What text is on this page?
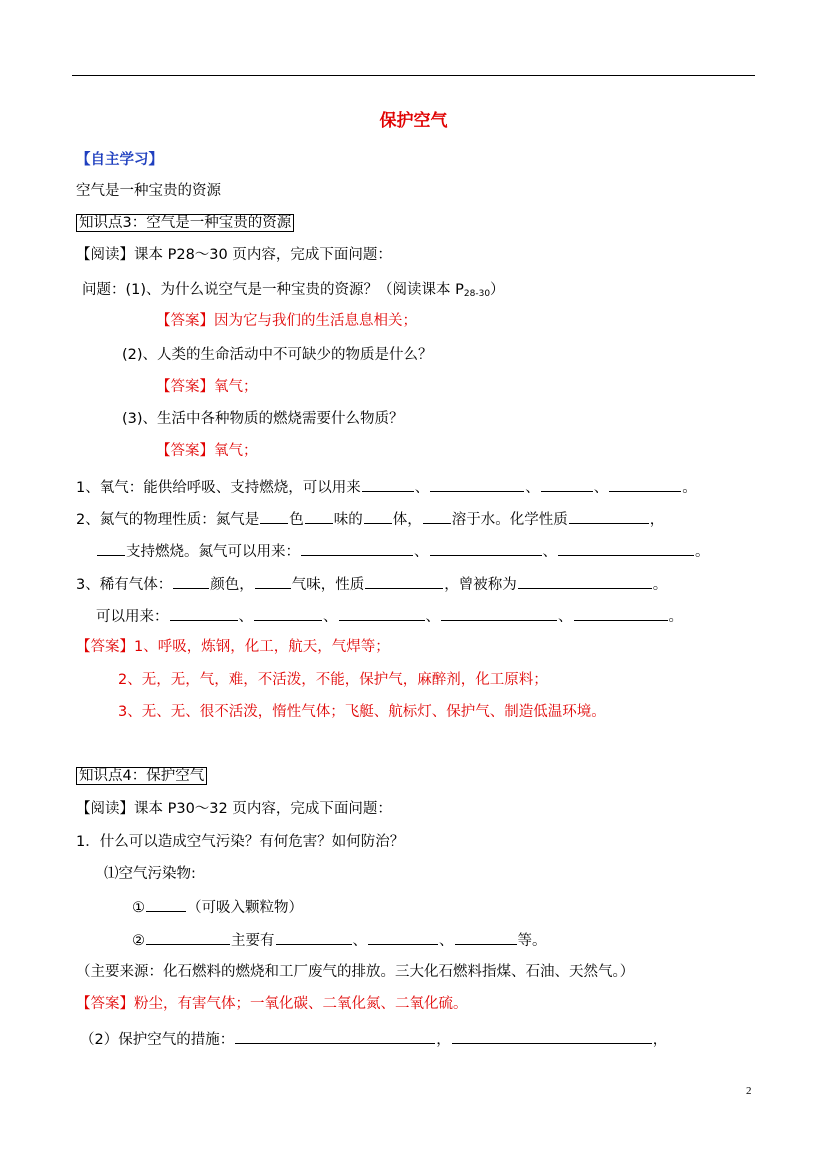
保护空气
【自主学习】
空气是一种宝贵的资源
知识点3：空气是一种宝贵的资源
【阅读】课本 P28～30 页内容，完成下面问题：
问题：(1)、为什么说空气是一种宝贵的资源？（阅读课本 $P_{28-30}$）
【答案】因为它与我们的生活息息相关；
(2)、人类的生命活动中不可缺少的物质是什么？
【答案】氧气；
(3)、生活中各种物质的燃烧需要什么物质？
【答案】氧气；
1、氧气：能供给呼吸、支持燃烧，可以用来	、	、	、	。
2、氮气的物理性质：氮气是 色 味的 体， 溶于水。化学性质	，
支持燃烧。氮气可以用来：	、	、	。
3、稀有气体：	颜色，	气味，性质	，曾被称为	。
可以用来：	、	、	、	、	。
【答案】1、呼吸，炼钢，化工，航天，气焊等；
2、无，无，气，难，不活泼，不能，保护气，麻醉剂，化工原料；
3、无、无、很不活泼，惰性气体；飞艇、航标灯、保护气、制造低温环境。
知识点4：保护空气
【阅读】课本 P30～32 页内容，完成下面问题：
1．什么可以造成空气污染？有何危害？如何防治？
⑴空气污染物:
①	（可吸入颗粒物）
②	主要有	、	、	等。
（主要来源：化石燃料的燃烧和工厂废气的排放。三大化石燃料指煤、石油、天然气。）
【答案】粉尘，有害气体；一氧化碳、二氧化氮、二氧化硫。
（2）保护空气的措施：	，	，
2
